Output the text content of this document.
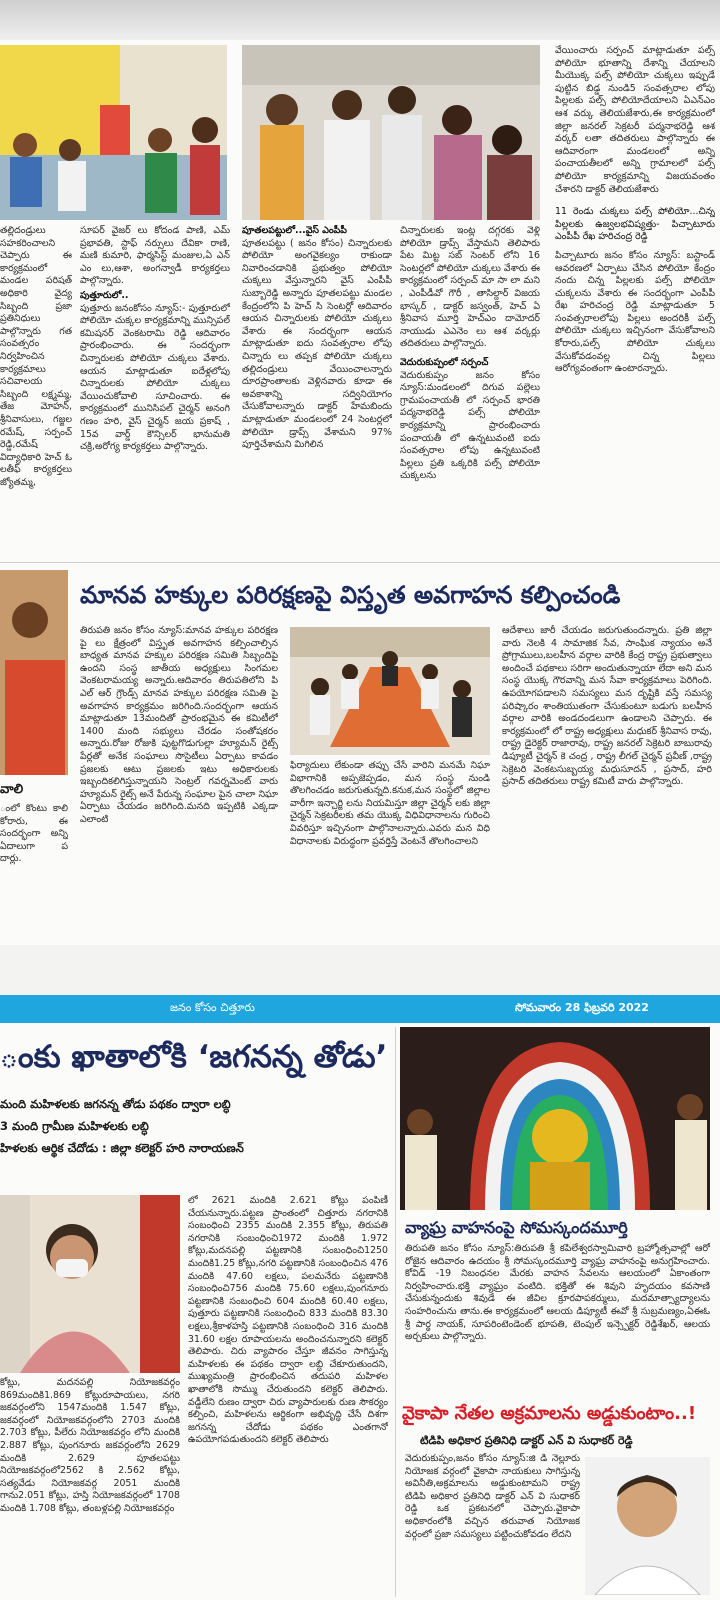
తల్లిదండ్రులు సహకరించాలని చెప్పారు ఈ కార్యక్రమంలో మండల పరిషత్ అధికారి వైద్య సిబ్బంది ప్రజా ప్రతినిధులు పాల్గొన్నారు గత సంవత్సరం నిర్వహించిన కార్యక్రమాలు సచివాలయ సిబ్బంది లక్ష్మమ్మ, తేజ మోహన్, శ్రీనివాసులు, గజ్జల రమేష్, సర్పంచ్ రెడ్డి,రమేష్ విద్యాధికారి హెచ్ ఓ లతీఫ్ కార్యకర్తలు జ్యోతమ్మ,
సూపర్ వైజర్ లు కోదండ పాణి, ఎమ్ ప్రభావతి, స్టాఫ్ నర్సులు దేవికా రాణి, మణి కుమారి, ఫార్మసిస్ట్ మంజుల,ఏ ఎన్ ఎం లు,ఆశా, అంగన్వాడీ కార్యకర్తలు పాల్గొన్నారు.
పుత్తూరులో..
పుత్తూరు జనంకోసం న్యూస్:- పుత్తూరులో పోలియో చుక్కల కార్యక్రమాన్ని మున్సిపల్ కమిషనర్ వెంకటరామి రెడ్డి ఆదివారం ప్రారంభించారు. ఈ సందర్భంగా చిన్నారులకు పోలియో చుక్కలు వేశారు. ఆయన మాట్లాడుతూ ఐదేళ్లలోపు చిన్నారులకు పోలియో చుక్కలు వేయించుకోవాలి సూచించారు. ఈ కార్యక్రమంలో మునిసిపల్ చైర్మన్ అనంగి గణం హరి, వైస్ చైర్మన్ జయ ప్రకాష్ , 15వ వార్డ్ కౌన్సిలర్ భానుమతి చక్రి,అరోగ్య కార్యకర్తలు పాల్గొన్నారు.
పూతలపట్టులో...వైస్ ఎంపీపీ
పూతలపట్టు ( జనం కోసం) చిన్నారులకు పోలియో అంగవైకల్యం రాకుండా నివారించడానికి ప్రభుత్వం పోలియో చుక్కలు వేస్తున్నారని వైస్ ఎంపీపీ సుబ్బారెడ్డి అన్నారు పూతలపట్టు మండల కేంద్రంలోని పి హెచ్ సి సెంటర్లో ఆదివారం ఆయన చిన్నారులకు పోలియో చుక్కలు వేశారు ఈ సందర్భంగా ఆయన మాట్లాడుతూ ఐదు సంవత్సరాల లోపు చిన్నారు లు తప్పక పోలియో చుక్కలు తల్లిదండ్రులు వేయించాలన్నారు దూరప్రాంతాలకు వెళ్లినవారు కూడా ఈ అవకాశాన్ని సద్వినియోగం చేసుకోవాలన్నారు డాక్టర్ హేమబిందు మాట్లాడుతూ మండలంలో 24 సెంటర్లలో పోలియో డ్రాప్స్ వేశామని 97% పూర్తిచేశామని మిగిలిన
చిన్నారులకు ఇంట్ల దగ్గరకు వెళ్లి పోలియో డ్రాప్స్ వేస్తామని తెలిపారు పేట మిట్ట సబ్ సెంటర్ లోని 16 సెంటర్లలో పోలియో చుక్కలు వేశారు ఈ కార్యక్రమంలో సర్పంచ్ మా సా లా మని , ఎంపీడీవో గౌరీ , తాసిల్దార్ విజయ భాస్కర్ , డాక్టర్ జస్వంత్, హెచ్ ఏ శ్రీనివాస మూర్తి హెచ్ఎం దామోదర్ నాయుడు ఎఎనెం లు ఆశ వర్కర్లు తదితరులు పాల్గొన్నారు.
వెదురుకుప్పంలో సర్పంచ్
వెదురుకుప్పం జనం కోసం న్యూస్:మండలంలో దిగువ పల్లెలు గ్రామపంచాయతీ లో సర్పంచ్ భారతి పద్మనాభరెడ్డి పల్స్ పోలియో కార్యక్రమాన్ని ప్రారంభించారు పంచాయతీ లో ఉన్నటువంటి ఐదు సంవత్సరాల లోపు ఉన్నటువంటి పిల్లలు ప్రతి ఒక్కరికి పల్స్ పోలియో చుక్కలను
వేయించారు సర్పంచ్ మాట్లాడుతూ పల్స్ పోలియో భూతాన్ని దేశాన్ని చేయాలని మీయొక్క పల్స్ పోలియో చుక్కలు ఇప్పుడే పుట్టిన బిడ్డ నుండి5 సంవత్సరాల లోపు పిల్లలకు పల్స్ పోలియోదేయాలని ఏఎన్ఎం ఆశ వర్కు తెలియజేశారు,ఈ కార్యక్రమంలో జిల్లా జనరల్ సెక్రటరీ పద్మనాభరెడ్డి ఆశ వర్కర్ లతా తదితరులు పాల్గొన్నారు ఈ ఆదివారంగా మండలంలో అన్ని పంచాయతీలలో అన్ని గ్రామాలలో పల్స్ పోలియో కార్యక్రమాన్ని విజయవంతం చేశారని డాక్టర్ తెలియజేశారు
11 రెండు చుక్కలు పల్స్ పోలియో...చిన్న పిల్లలకు ఉజ్వలభవిష్యత్తు- పిచ్చాటూరు ఎంపీపీ రేఖ హరిచంద్ర రెడ్డి
పిచ్చాటూరు జనం కోసం న్యూస్: బస్టాండ్ ఆవరణలో ఏర్పాటు చేసిన పోలియో కేంద్రం నందు చిన్న పిల్లలకు పల్స్ పోలియో చుక్కలను వేశారు ఈ సందర్భంగా ఎంపీపీ రేఖ హరిచంద్ర రెడ్డి మాట్లాడుతూ 5 సంవత్సరాలలోపు పిల్లలు అందరికీ పల్స్ పోలియో చుక్కలు ఇచ్చినంగా వేసుకోవాలని కోరారు,పల్స్ పోలియో చుక్కలు వేసుకోవడంవల్ల చిన్న పిల్లలు ఆరోగ్యవంతంగా ఉంటారన్నారు.
వాలి
ంలో కొంటు కాలి కోరారు, ఈ సందర్భంగా అన్ని ఏదాలుగా ప దార్లు.
మానవ హక్కుల పరిరక్షణపై విస్తృత అవగాహన కల్పించండి
తిరుపతి జనం కోసం న్యూస్:మానవ హక్కుల పరిరక్షణ పై లు క్షేత్రంలో విస్తృత అవగాహన కల్పించాల్సిన బాధ్యత మానవ హక్కుల పరిరక్షణ సమితి సిబ్బందిపై ఉందని సంస్థ జాతీయ అధ్యక్షులు సింగమల వెంకటరామయ్య అన్నారు.ఆదివారం తిరుపతిలోని పి ఎల్ ఆర్ గ్రౌండ్స్ మానవ హక్కుల పరిరక్షణ సమితి పై అవగాహన కార్యక్రమం జరిగింది.సందర్భంగా ఆయన మాట్లాడుతూ 13మందితో ప్రారంభమైన ఈ కమిటీలో 1400 మంది సభ్యులు చేరడం సంతోషకరం అన్నారు.రోజు రోజుకి పుట్టగొడుగుల్లా హ్యూమన్ రైట్స్ పేర్లతో అనేక సంఘాలు సొసైటీలు ఏర్పాటు కావడం ప్రజలకు ఆటు ప్రజలకు ఇటు అధికారులకు ఇబ్బందికలిగిస్తున్నాయని సెంట్రల్ గవర్నమెంట్ వారు హ్యూమన్ రైట్స్ అనే పేరున్న సంఘాల పైన చాలా నిఘా ఏర్పాటు చేయడం జరిగింది.మనది ఇప్పటికి ఎక్కడా ఎలాంటి
ఫిర్యాదులు లేకుండా తప్పు చేసే వారిని మనమే నిఘా విభాగానికి అప్పజెప్పడం, మన సంస్థ నుండి తొలగించడం జరుగుతున్నది.కనుక,మన సంస్థలో జిల్లాల వారీగా ఇన్చార్జి లను నియమిస్తూ జిల్లా చైర్మన్ లకు జిల్లా చైర్మన్ సెక్రటరీలకు తమ యొక్క విధివిధానాలను గురించి వివరిస్తూ ఇచ్చినంగా పాల్గొనాలన్నారు.ఎవరు మన విధి విధానాలకు విరుద్ధంగా ప్రవర్తిస్తే వెంటనే తొలగించాలని
ఆదేశాలు జారీ చేయడం జరుగుతుందన్నారు. ప్రతి జిల్లా వారు నెలకి 4 సామాజిక సేవ, సాంఘిక న్యాయం అనే ప్రోగ్రాములు,బలహీన వర్గాల వారికి కేంద్ర రాష్ట్ర ప్రభుత్వాలు అందించే పథకాలు సరిగా అందుతున్నాయా లేదా అని మన సంస్థ యొక్క గౌరవాన్ని మన సేవా కార్యక్రమాలు పెరిగింది. ఉపయోగపడాలని సమస్యలు మన దృష్టికి వస్తే సమస్య పరిష్కారం శాంతియుతంగా చేసుకుంటూ బడుగు బలహీన వర్గాల వారికి అండదండలుగా ఉండాలని చెప్పారు. ఈ కార్యక్రమంలో లో రాష్ట్ర అధ్యక్షులు మధుకర్ శ్రీనివాస రావు, రాష్ట్ర డైరెక్టర్ రాజారావు, రాష్ట్ర జనరల్ సెక్రెటరి బాబురావు డిప్యూటీ చైర్మన్ కె చంద్ర , రాష్ట్ర లీగల్ చైర్మన్ ప్రవీణ్ ,రాష్ట్ర సెక్రెటరి వెంకటసుబ్బయ్య మధుసూదన్ , ప్రసాద్, హరి ప్రసాద్ తదితరులు రాష్ట్ర కమిటీ వారు పాల్గొన్నారు.
జనం కోసం చిత్తూరు	సోమవారం 28 ఫిబ్రవరి 2022
ంకు ఖాతాలోకి ‘జగనన్న తోడు’
మంది మహిళలకు జగనన్న తోడు పథకం ద్వారా లబ్ధి
3 మంది గ్రామీణ మహిళలకు లబ్ధి
హిళలకు ఆర్థిక చేదోడు : జిల్లా కలెక్టర్ హరి నారాయణన్
లో 2621 మందికి 2.621 కోట్లు పంపిణీ చేయనున్నారు.పట్టణ ప్రాంతంలో చిత్తూరు నగరానికి సంబంధించి 2355 మందికి 2.355 కోట్లు, తిరుపతి నగరానికి సంబంధించి1972 మందికి 1.972 కోట్లు,మదనపల్లి పట్టణానికి సంబంధించి1250 మందికి1.25 కోట్లు,నగరి పట్టణానికి సంబంధించిన 476 మందికి 47.60 లక్షలు, పలమనేరు పట్టణానికి సంబంధించి756 మందికి 75.60 లక్షలు,పుంగనూరు పట్టణానికి సంబంధించి 604 మందికి 60.40 లక్షలు, పుత్తూరు పట్టణానికి సంబంధించి 833 మందికి 83.30 లక్షలు,శ్రీకాళహస్తి పట్టణానికి సంబంధించి 316 మందికి 31.60 లక్షల రూపాయలను అందించనున్నారని కలెక్టర్ తెలిపారు. చిరు వ్యాపారం చేస్తూ జీవనం సాగిస్తున్న మహిళలకు ఈ పథకం ద్వారా లబ్ధి చేకూరుతుందని, ముఖ్యమంత్రి ప్రారంభించిన తదుపరి మహిళల ఖాతాలోకి సొమ్ము చేరుతుందని కలెక్టర్ తెలిపారు. వడ్డీలేని రుణం ద్వారా చిరు వ్యాపారులకు రుణ సౌకర్యం కల్పించి, మహిళలను ఆర్థికంగా అభివృద్ధి చేసే దిశగా జగనన్న చేదోడు పథకం ఎంతగానో ఉపయోగపడుతుందని కలెక్టర్ తెలిపారు
కోట్లు, మదనపల్లి నియోజకవర్గం 869మందికి1.869 కోట్లురూపాయలు, నగరి జకవర్గంలోని 1547మందికి 1.547 కోట్లు, జకవర్గంలో నియోజకవర్గంలోని 2703 మందికి 2.703 కోట్లు, పీలేరు నియోజకవర్గం లోని మందికి 2.887 కోట్లు, పుంగనూరు జకవర్గంలోని 2629 మందికి 2.629 పూతలపట్టు నియోజకవర్గంలో2562 కి 2.562 కోట్లు, సత్యవేడు నియోజకవర్గ 2051 మందికి గాను2.051 కోట్లు, హస్తి నియోజకవర్గంలో 1708 మందికి 1.708 కోట్లు, తంబళ్లపల్లి నియోజకవర్గం
వ్యాఘ్ర వాహనంపై సోమస్కందమూర్తి
తిరుపతి జనం కోసం న్యూస్:తిరుపతి శ్రీ కపిలేశ్వరస్వామివారి బ్రహ్మోత్సవాల్లో ఆరో రోజైన ఆదివారం ఉదయం శ్రీ సోమస్కందమూర్తి వ్యాఘ్ర వాహనంపై అనుగ్రహించారు. కోవిడ్ -19 నిబంధనల మేరకు వాహన సేవలను ఆలయంలో ఏకాంతంగా నిర్వహించారు.భక్తి వ్యాఘ్రం వంటిది. భక్తితో ఈ శివుని హృదయం కవసాణి చేసుకున్నందుకు శివుడే ఈ జీవిల క్రూరపాపకర్ములు, మదమాత్స్యాద్యాలను సంహరించును తాను.ఈ కార్యక్రమంలో ఆలయ డిప్యూటీ ఈవో శ్రీ సుబ్రమణ్యం,ఏఈఓ శ్రీ పార్థ నాయక్, సూపరింటెండెంట్ భూపతి, టెంపుల్ ఇన్స్పెక్టర్ రెడ్డిశేఖర్, ఆలయ అర్చకులు పాల్గొన్నారు.
వైకాపా నేతల అక్రమాలను అడ్డుకుంటాం..!
టిడిపి అధికార ప్రతినిధి డాక్టర్ ఎన్ వి సుధాకర్ రెడ్డి
వెదురుకుప్పం,జనం కోసం న్యూస్:జి డి నెల్లూరు నియోజక వర్గంలో వైకాపా నాయకులు సాగిస్తున్న అవినీతి,అక్రమాలను అడ్డుకుంటామని రాష్ట్ర టిడిపి అధికార ప్రతినిధి డాక్టర్ ఎన్ వి సుధాకర్ రెడ్డి ఒక ప్రకటనలో చెప్పారు.వైకాపా అధికారంలోకి వచ్చిన తరువాత నియోజక వర్గంలో ప్రజా సమస్యలు పట్టించుకోవడం లేదని
